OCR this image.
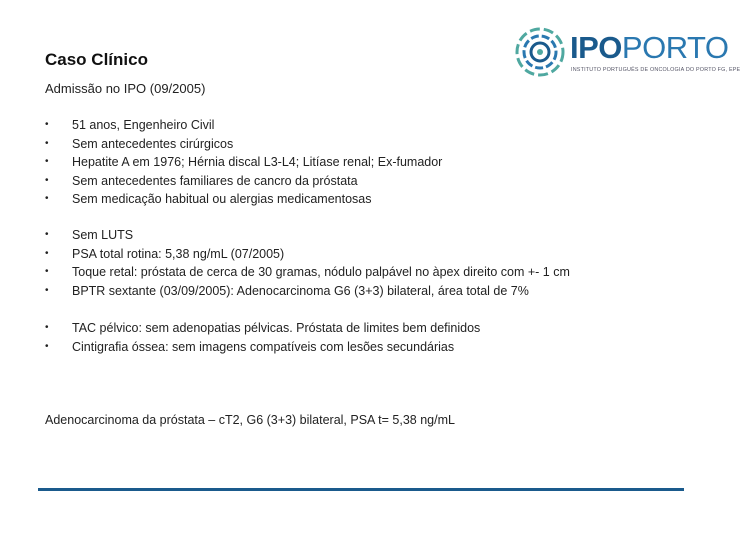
Caso Clínico	IPOPORTO
INSTITUTO PORTUGUÊS DE ONCOLOGIA DO PORTO FG, EPE
Admissão no IPO (09/2005)
• 51 anos, Engenheiro Civil
• Sem antecedentes cirúrgicos
• Hepatite A em 1976; Hérnia discal L3-L4; Litíase renal; Ex-fumador
• Sem antecedentes familiares de cancro da próstata
• Sem medicação habitual ou alergias medicamentosas
• Sem LUTS
• PSA total rotina: 5,38 ng/mL (07/2005)
• Toque retal: próstata de cerca de 30 gramas, nódulo palpável no àpex direito com +- 1 cm
• BPTR sextante (03/09/2005): Adenocarcinoma G6 (3+3) bilateral, área total de 7%
• TAC pélvico: sem adenopatias pélvicas. Próstata de limites bem definidos
• Cintigrafia óssea: sem imagens compatíveis com lesões secundárias
Adenocarcinoma da próstata – cT2, G6 (3+3) bilateral, PSA t= 5,38 ng/mL
